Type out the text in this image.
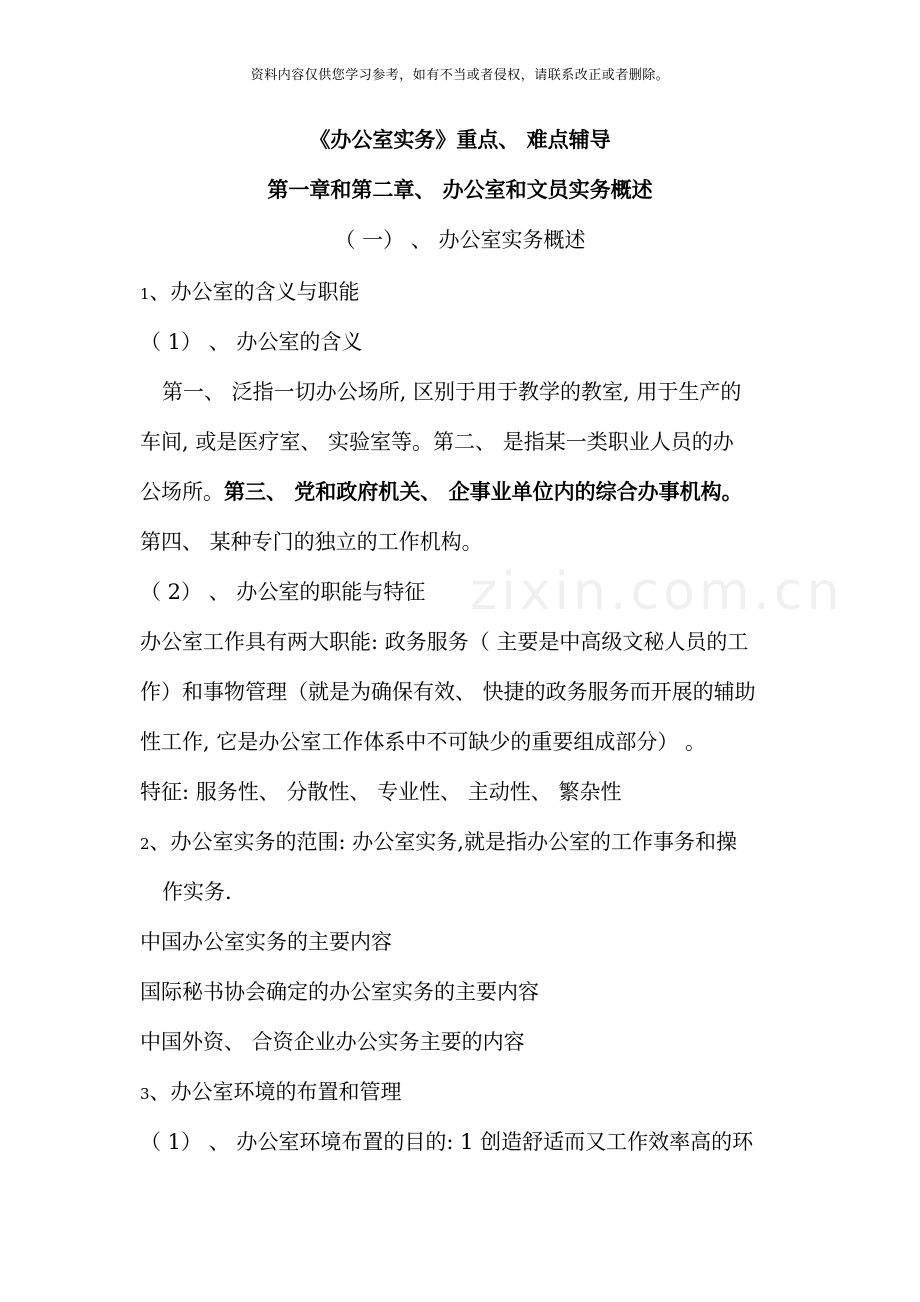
资料内容仅供您学习参考，如有不当或者侵权，请联系改正或者删除。
《办公室实务》重点、 难点辅导
第一章和第二章、 办公室和文员实务概述
（ 一） 、 办公室实务概述
1、办公室的含义与职能
（ 1） 、 办公室的含义
第一、 泛指一切办公场所, 区别于用于教学的教室, 用于生产的
车间, 或是医疗室、 实验室等。第二、 是指某一类职业人员的办
公场所。第三、 党和政府机关、 企事业单位内的综合办事机构。
第四、 某种专门的独立的工作机构。
（ 2） 、 办公室的职能与特征
办公室工作具有两大职能: 政务服务（ 主要是中高级文秘人员的工
作）和事物管理（就是为确保有效、 快捷的政务服务而开展的辅助
性工作, 它是办公室工作体系中不可缺少的重要组成部分） 。
特征: 服务性、 分散性、 专业性、 主动性、 繁杂性
2、办公室实务的范围: 办公室实务,就是指办公室的工作事务和操
作实务.
中国办公室实务的主要内容
国际秘书协会确定的办公室实务的主要内容
中国外资、 合资企业办公实务主要的内容
3、办公室环境的布置和管理
（ 1） 、 办公室环境布置的目的: 1 创造舒适而又工作效率高的环
zixin.com.cn
